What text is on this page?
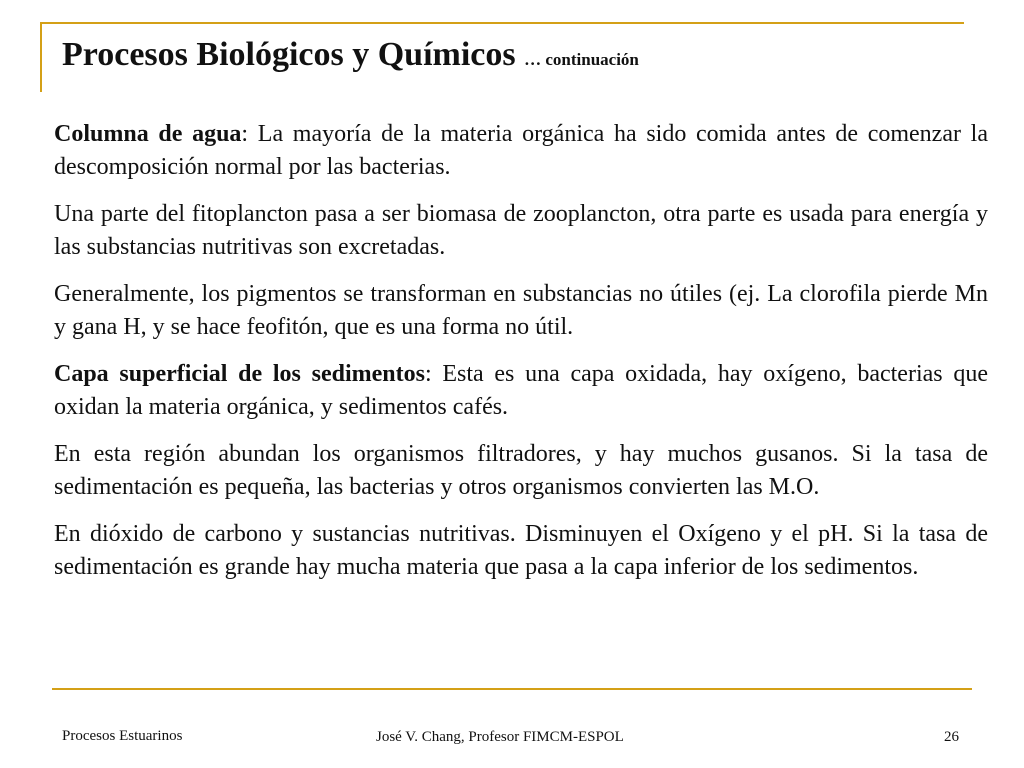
Procesos Biológicos y Químicos … continuación

Columna de agua: La mayoría de la materia orgánica ha sido comida antes de comenzar la descomposición normal por las bacterias.

Una parte del fitoplancton pasa a ser biomasa de zooplancton, otra parte es usada para energía y las substancias nutritivas son excretadas.

Generalmente, los pigmentos se transforman en substancias no útiles (ej. La clorofila pierde Mn y gana H, y se hace feofitón, que es una forma no útil.

Capa superficial de los sedimentos: Esta es una capa oxidada, hay oxígeno, bacterias que oxidan la materia orgánica, y sedimentos cafés.

En esta región abundan los organismos filtradores, y hay muchos gusanos. Si la tasa de sedimentación es pequeña, las bacterias y otros organismos convierten las M.O.

En dióxido de carbono y sustancias nutritivas. Disminuyen el Oxígeno y el pH. Si la tasa de sedimentación es grande hay mucha materia que pasa a la capa inferior de los sedimentos.

Procesos Estuarinos	José V. Chang, Profesor FIMCM-ESPOL	26
